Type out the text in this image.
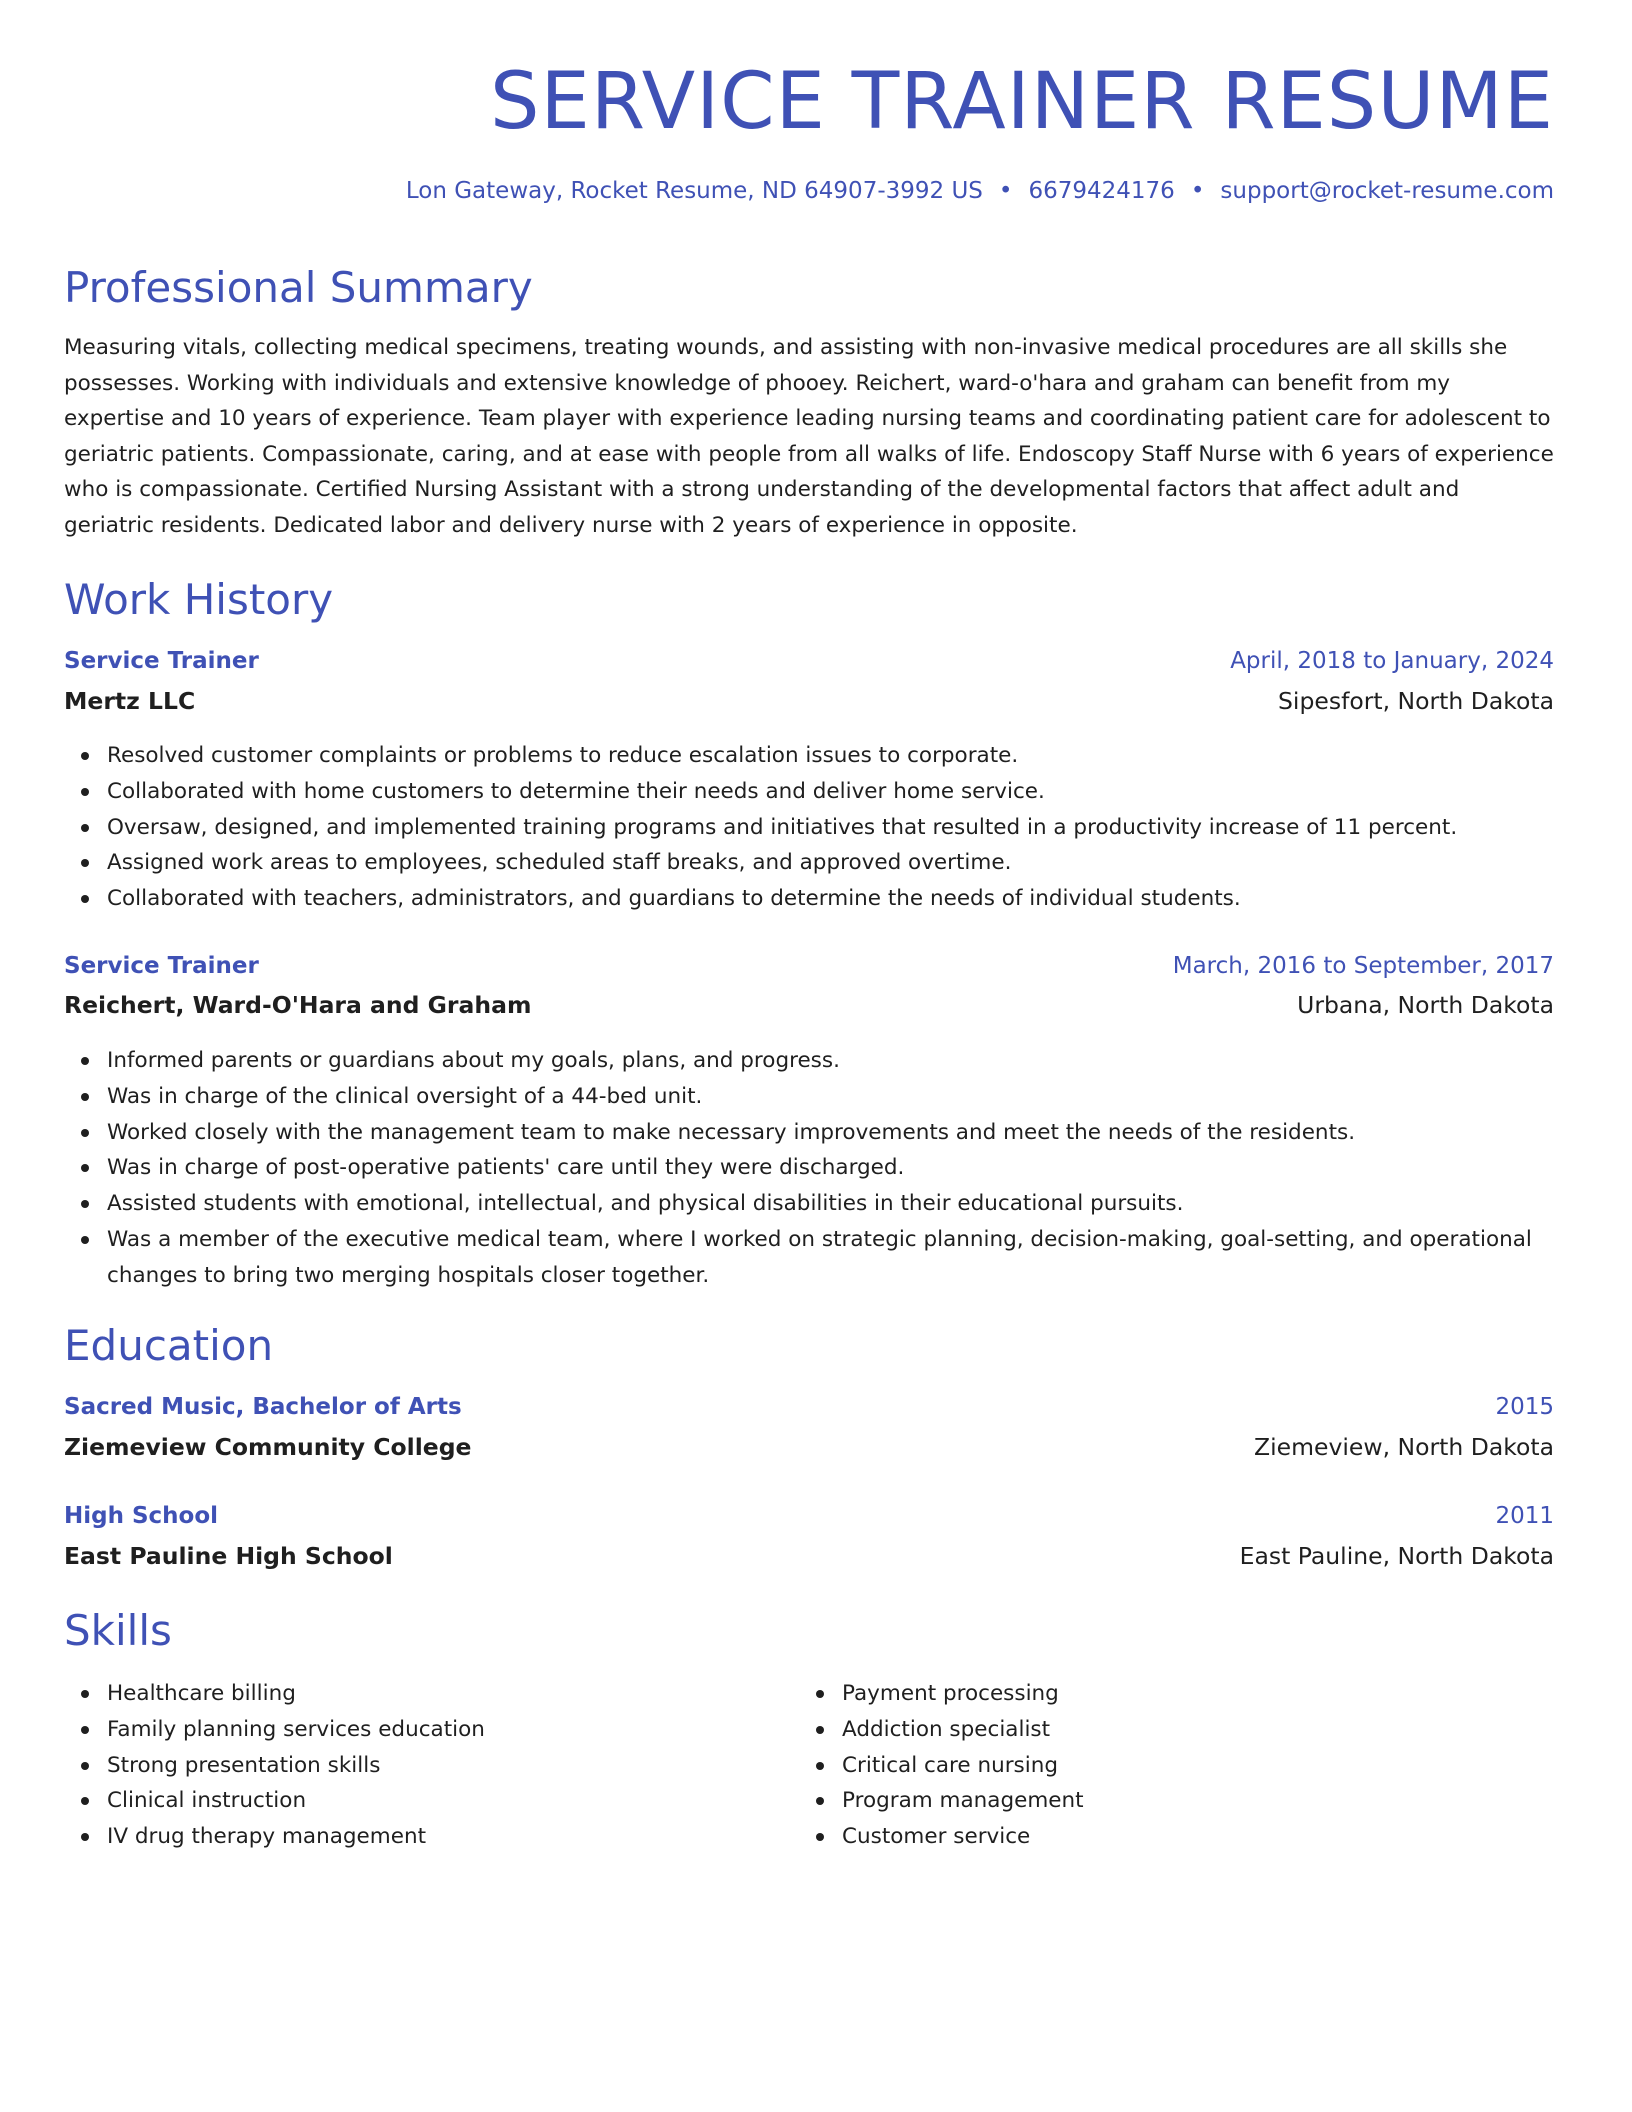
SERVICE TRAINER RESUME
Lon Gateway, Rocket Resume, ND 64907-3992 US • 6679424176 • support@rocket-resume.com
Professional Summary
Measuring vitals, collecting medical specimens, treating wounds, and assisting with non-invasive medical procedures are all skills she possesses. Working with individuals and extensive knowledge of phooey. Reichert, ward-o'hara and graham can benefit from my expertise and 10 years of experience. Team player with experience leading nursing teams and coordinating patient care for adolescent to geriatric patients. Compassionate, caring, and at ease with people from all walks of life. Endoscopy Staff Nurse with 6 years of experience who is compassionate. Certified Nursing Assistant with a strong understanding of the developmental factors that affect adult and geriatric residents. Dedicated labor and delivery nurse with 2 years of experience in opposite.
Work History
Service Trainer	April, 2018 to January, 2024
Mertz LLC	Sipesfort, North Dakota
Resolved customer complaints or problems to reduce escalation issues to corporate.
Collaborated with home customers to determine their needs and deliver home service.
Oversaw, designed, and implemented training programs and initiatives that resulted in a productivity increase of 11 percent.
Assigned work areas to employees, scheduled staff breaks, and approved overtime.
Collaborated with teachers, administrators, and guardians to determine the needs of individual students.
Service Trainer	March, 2016 to September, 2017
Reichert, Ward-O'Hara and Graham	Urbana, North Dakota
Informed parents or guardians about my goals, plans, and progress.
Was in charge of the clinical oversight of a 44-bed unit.
Worked closely with the management team to make necessary improvements and meet the needs of the residents.
Was in charge of post-operative patients' care until they were discharged.
Assisted students with emotional, intellectual, and physical disabilities in their educational pursuits.
Was a member of the executive medical team, where I worked on strategic planning, decision-making, goal-setting, and operational changes to bring two merging hospitals closer together.
Education
Sacred Music, Bachelor of Arts	2015
Ziemeview Community College	Ziemeview, North Dakota
High School	2011
East Pauline High School	East Pauline, North Dakota
Skills
Healthcare billing
Family planning services education
Strong presentation skills
Clinical instruction
IV drug therapy management
Payment processing
Addiction specialist
Critical care nursing
Program management
Customer service
